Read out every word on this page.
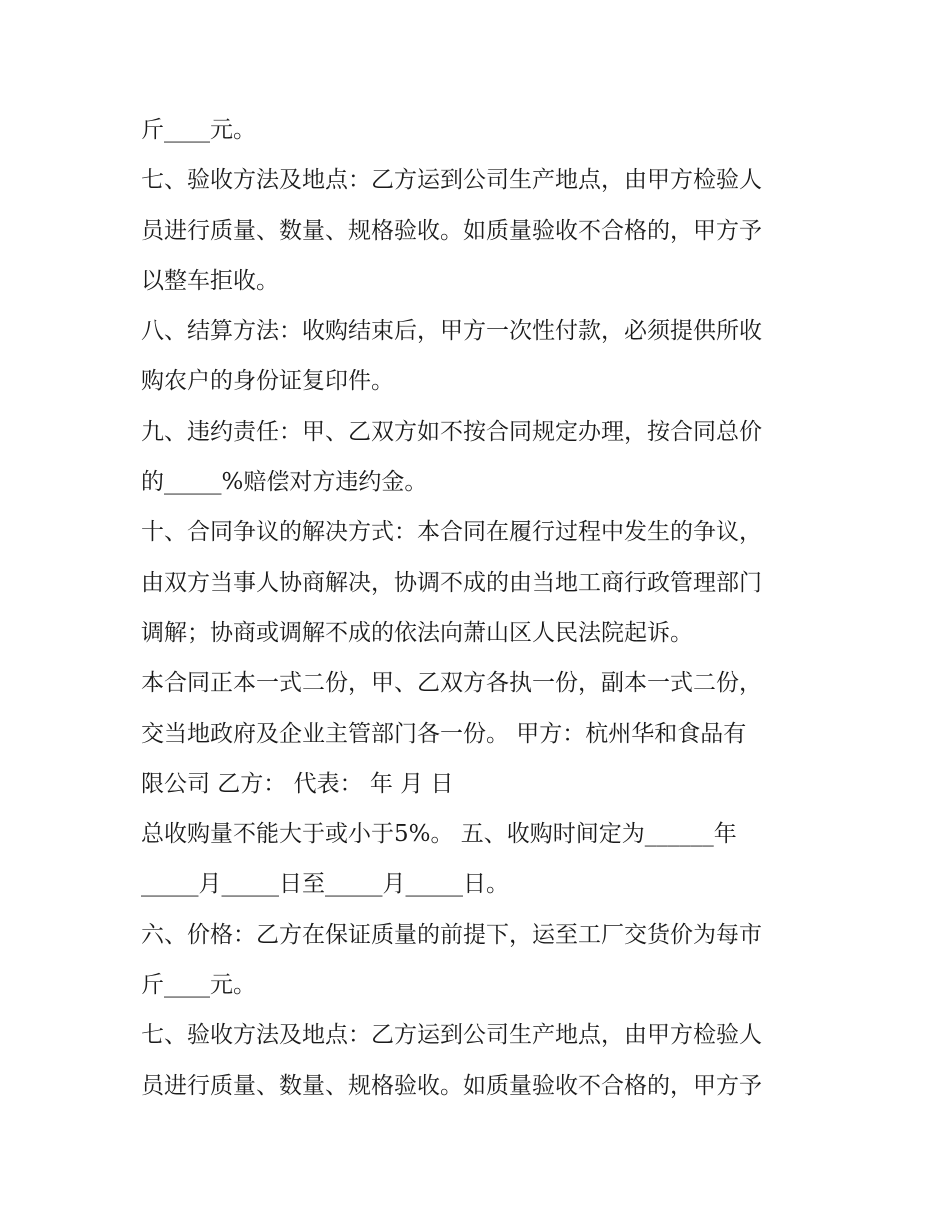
斤____元。
七、验收方法及地点：乙方运到公司生产地点，由甲方检验人
员进行质量、数量、规格验收。如质量验收不合格的，甲方予
以整车拒收。
八、结算方法：收购结束后，甲方一次性付款，必须提供所收
购农户的身份证复印件。
九、违约责任：甲、乙双方如不按合同规定办理，按合同总价
的_____%赔偿对方违约金。
十、合同争议的解决方式：本合同在履行过程中发生的争议，
由双方当事人协商解决，协调不成的由当地工商行政管理部门
调解；协商或调解不成的依法向萧山区人民法院起诉。
本合同正本一式二份，甲、乙双方各执一份，副本一式二份，
交当地政府及企业主管部门各一份。 甲方：杭州华和食品有
限公司 乙方： 代表： 年 月 日
总收购量不能大于或小于5%。 五、收购时间定为______年
_____月_____日至_____月_____日。
六、价格：乙方在保证质量的前提下，运至工厂交货价为每市
斤____元。
七、验收方法及地点：乙方运到公司生产地点，由甲方检验人
员进行质量、数量、规格验收。如质量验收不合格的，甲方予
